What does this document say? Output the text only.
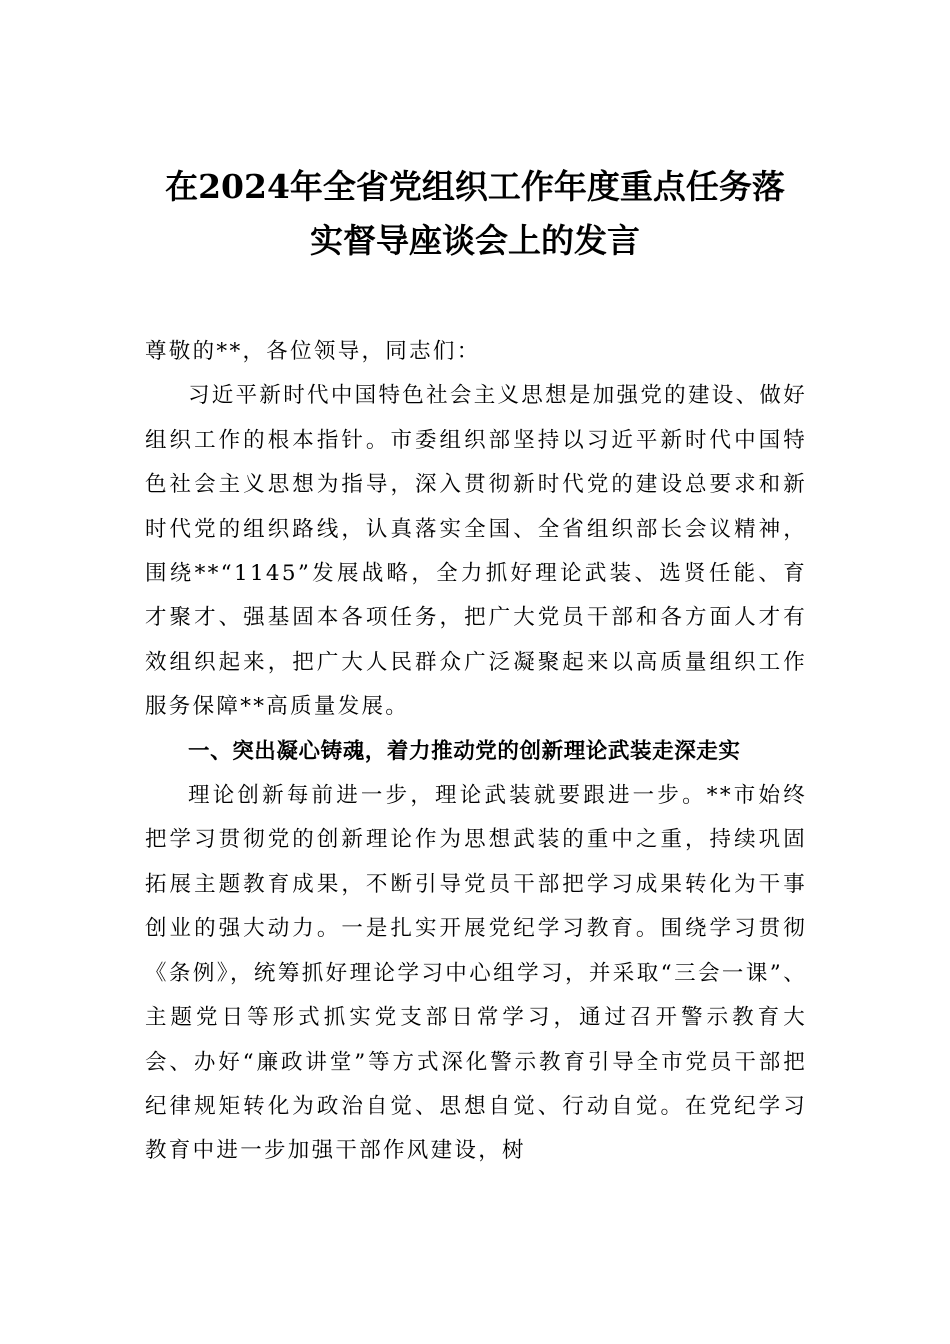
在2024年全省党组织工作年度重点任务落
实督导座谈会上的发言

尊敬的**，各位领导，同志们：

习近平新时代中国特色社会主义思想是加强党的建设、做好组织工作的根本指针。市委组织部坚持以习近平新时代中国特色社会主义思想为指导，深入贯彻新时代党的建设总要求和新时代党的组织路线，认真落实全国、全省组织部长会议精神，围绕**“1145”发展战略，全力抓好理论武装、选贤任能、育才聚才、强基固本各项任务，把广大党员干部和各方面人才有效组织起来，把广大人民群众广泛凝聚起来以高质量组织工作服务保障**高质量发展。

一、突出凝心铸魂，着力推动党的创新理论武装走深走实

理论创新每前进一步，理论武装就要跟进一步。**市始终把学习贯彻党的创新理论作为思想武装的重中之重，持续巩固拓展主题教育成果，不断引导党员干部把学习成果转化为干事创业的强大动力。一是扎实开展党纪学习教育。围绕学习贯彻《条例》，统筹抓好理论学习中心组学习，并采取“三会一课”、主题党日等形式抓实党支部日常学习，通过召开警示教育大会、办好“廉政讲堂”等方式深化警示教育引导全市党员干部把纪律规矩转化为政治自觉、思想自觉、行动自觉。在党纪学习教育中进一步加强干部作风建设，树
